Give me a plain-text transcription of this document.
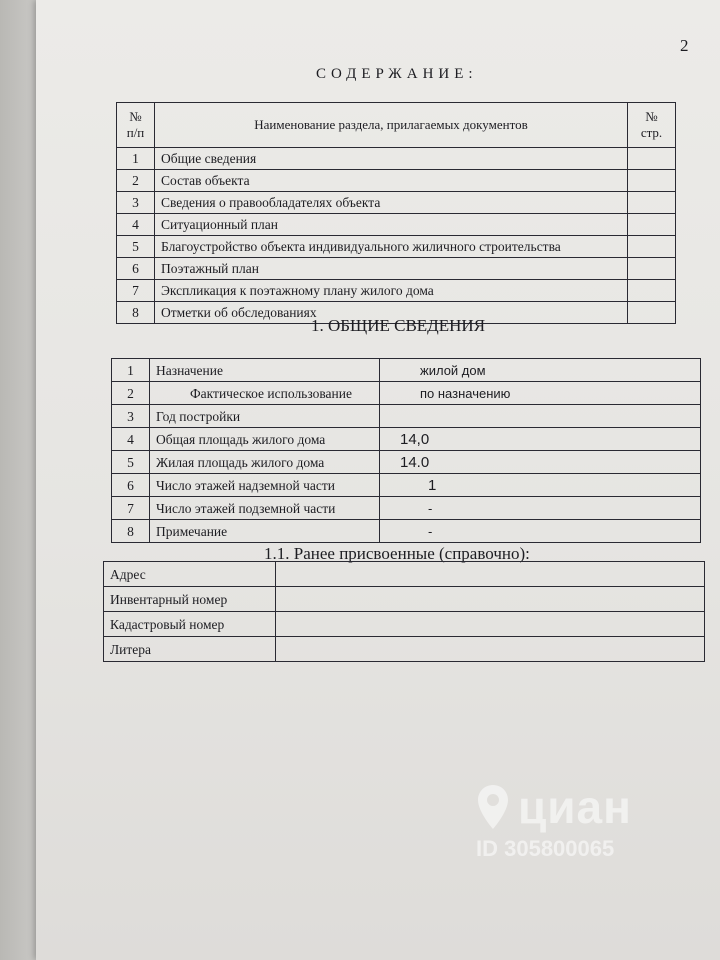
2
СОДЕРЖАНИЕ:
№ п/п	Наименование раздела, прилагаемых документов	№ стр.
1	Общие сведения	
2	Состав объекта	
3	Сведения о правообладателях объекта	
4	Ситуационный план	
5	Благоустройство объекта индивидуального жиличного строительства	
6	Поэтажный план	
7	Экспликация к поэтажному плану жилого дома	
8	Отметки об обследованиях	
1. ОБЩИЕ СВЕДЕНИЯ
1	Назначение	жилой дом
2	Фактическое использование	по назначению
3	Год постройки	
4	Общая площадь жилого дома	14,0
5	Жилая площадь жилого дома	14.0
6	Число этажей надземной части	1
7	Число этажей подземной части	-
8	Примечание	-
1.1. Ранее присвоенные (справочно):
Адрес	
Инвентарный номер	
Кадастровый номер	
Литера	
циан
ID 305800065
